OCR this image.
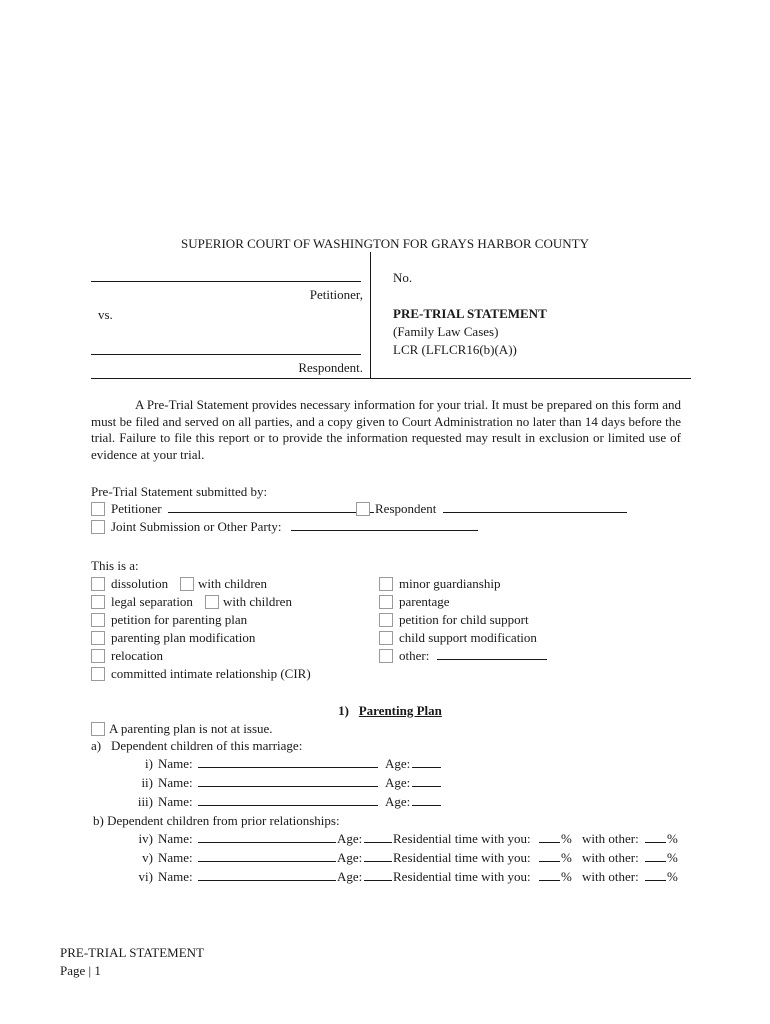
SUPERIOR COURT OF WASHINGTON FOR GRAYS HARBOR COUNTY
Petitioner,
vs.
Respondent.
No.
PRE-TRIAL STATEMENT
(Family Law Cases)
LCR (LFLCR16(b)(A))
A Pre-Trial Statement provides necessary information for your trial. It must be prepared on this form and must be filed and served on all parties, and a copy given to Court Administration no later than 14 days before the trial. Failure to file this report or to provide the information requested may result in exclusion or limited use of evidence at your trial.
Pre-Trial Statement submitted by:
Petitioner	Respondent
Joint Submission or Other Party:
This is a:
dissolution with children
legal separation with children
petition for parenting plan
parenting plan modification
relocation
committed intimate relationship (CIR)
minor guardianship
parentage
petition for child support
child support modification
other:
1) Parenting Plan
A parenting plan is not at issue.
a) Dependent children of this marriage:
i) Name:	Age:
ii) Name:	Age:
iii) Name:	Age:
b) Dependent children from prior relationships:
iv) Name:	Age: Residential time with you: % with other: %
v) Name:	Age: Residential time with you: % with other: %
vi) Name:	Age: Residential time with you: % with other: %
PRE-TRIAL STATEMENT
Page | 1
